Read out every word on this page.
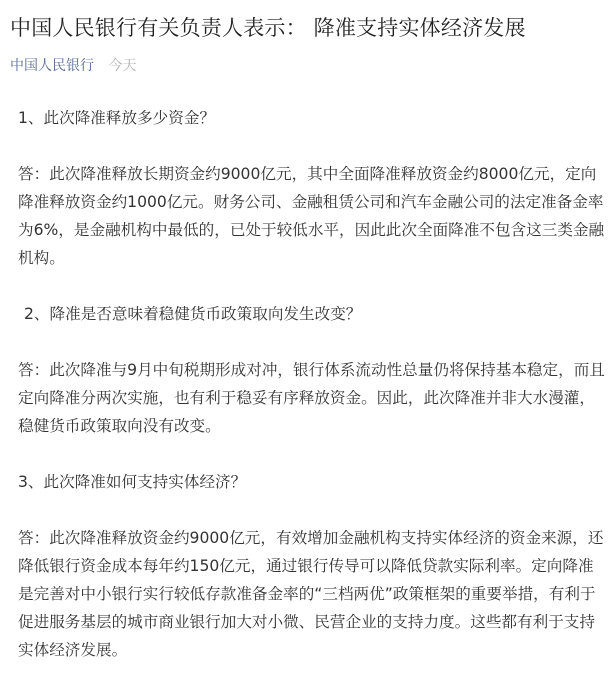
中国人民银行有关负责人表示： 降准支持实体经济发展
中国人民银行 今天

1、此次降准释放多少资金？

答：此次降准释放长期资金约9000亿元，其中全面降准释放资金约8000亿元，定向降准释放资金约1000亿元。财务公司、金融租赁公司和汽车金融公司的法定准备金率为6%，是金融机构中最低的，已处于较低水平，因此此次全面降准不包含这三类金融机构。

2、降准是否意味着稳健货币政策取向发生改变？

答：此次降准与9月中旬税期形成对冲，银行体系流动性总量仍将保持基本稳定，而且定向降准分两次实施，也有利于稳妥有序释放资金。因此，此次降准并非大水漫灌，稳健货币政策取向没有改变。

3、此次降准如何支持实体经济？

答：此次降准释放资金约9000亿元，有效增加金融机构支持实体经济的资金来源，还降低银行资金成本每年约150亿元，通过银行传导可以降低贷款实际利率。定向降准是完善对中小银行实行较低存款准备金率的“三档两优”政策框架的重要举措，有利于促进服务基层的城市商业银行加大对小微、民营企业的支持力度。这些都有利于支持实体经济发展。
